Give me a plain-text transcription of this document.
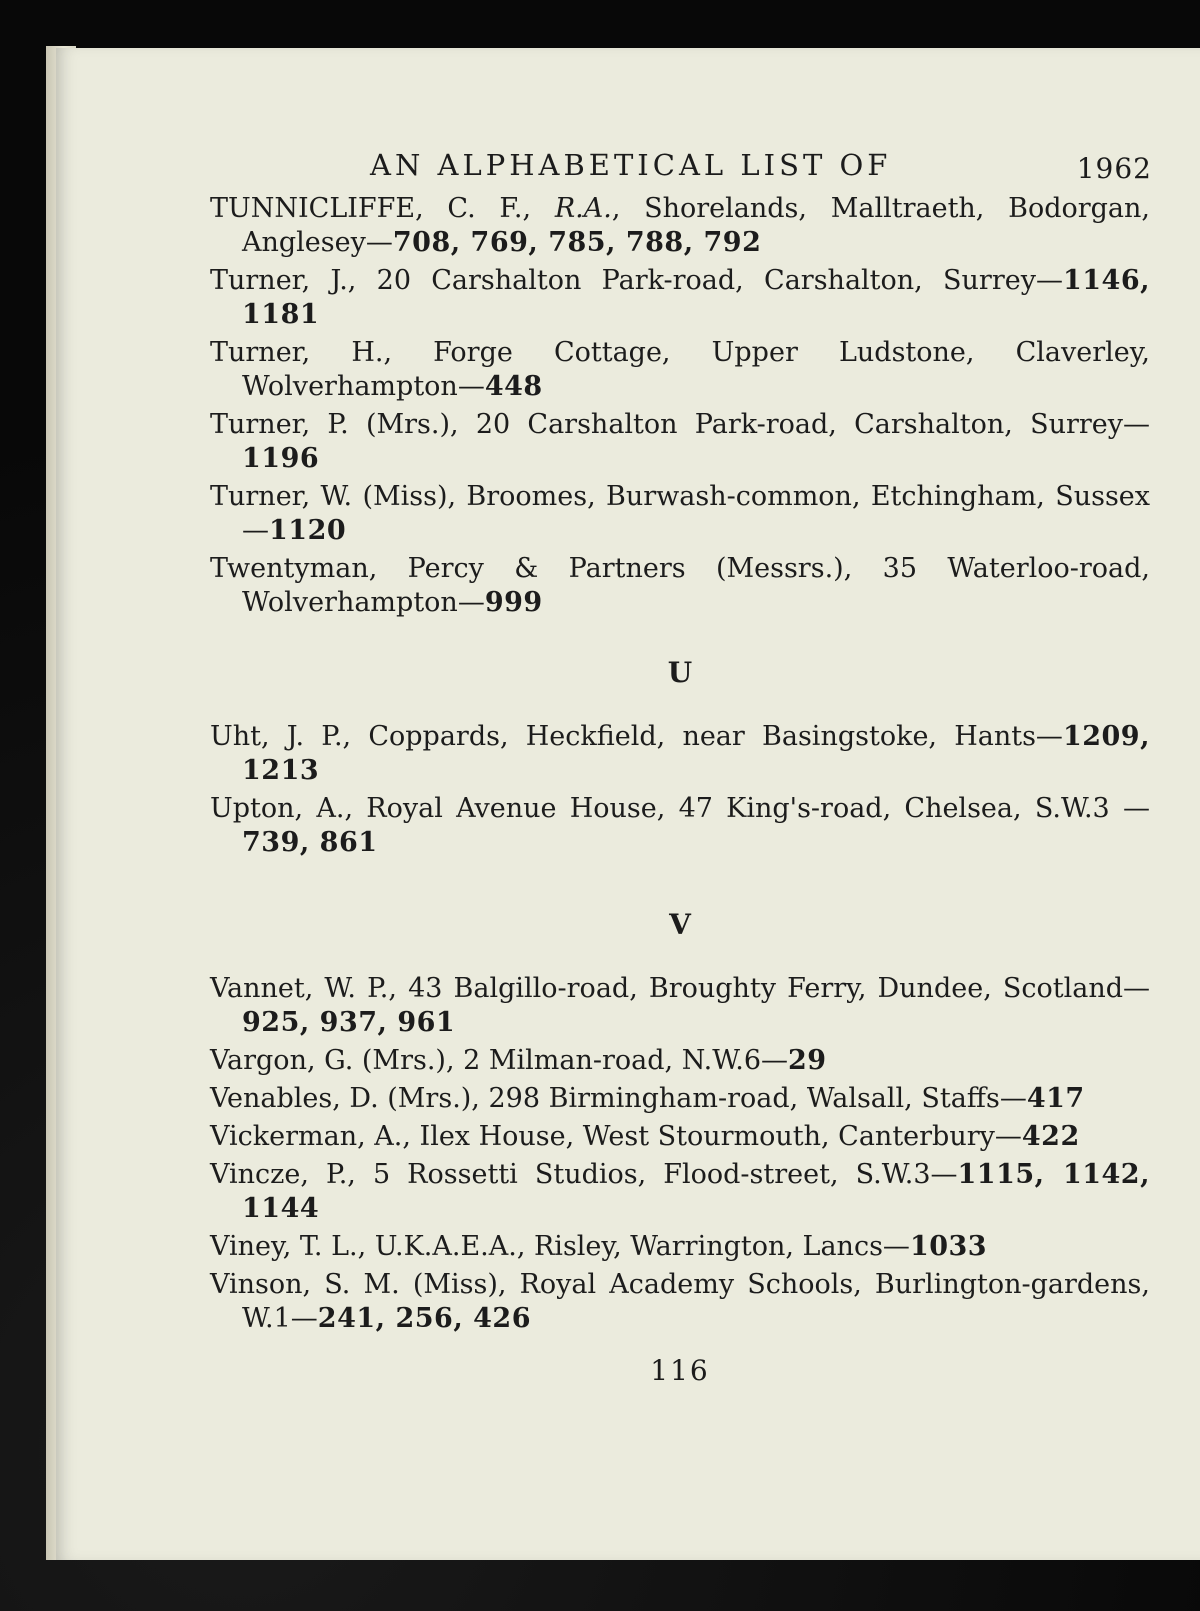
AN ALPHABETICAL LIST OF	1962

TUNNICLIFFE, C. F., R.A., Shorelands, Malltraeth, Bodorgan, Anglesey—708, 769, 785, 788, 792

Turner, J., 20 Carshalton Park-road, Carshalton, Surrey—1146, 1181

Turner, H., Forge Cottage, Upper Ludstone, Claverley, Wolverhampton—448

Turner, P. (Mrs.), 20 Carshalton Park-road, Carshalton, Surrey—1196

Turner, W. (Miss), Broomes, Burwash-common, Etchingham, Sussex—1120

Twentyman, Percy & Partners (Messrs.), 35 Waterloo-road, Wolverhampton—999

U

Uht, J. P., Coppards, Heckfield, near Basingstoke, Hants—1209, 1213

Upton, A., Royal Avenue House, 47 King's-road, Chelsea, S.W.3 —739, 861

V

Vannet, W. P., 43 Balgillo-road, Broughty Ferry, Dundee, Scotland—925, 937, 961

Vargon, G. (Mrs.), 2 Milman-road, N.W.6—29

Venables, D. (Mrs.), 298 Birmingham-road, Walsall, Staffs—417

Vickerman, A., Ilex House, West Stourmouth, Canterbury—422

Vincze, P., 5 Rossetti Studios, Flood-street, S.W.3—1115, 1142, 1144

Viney, T. L., U.K.A.E.A., Risley, Warrington, Lancs—1033

Vinson, S. M. (Miss), Royal Academy Schools, Burlington-gardens, W.1—241, 256, 426

116
